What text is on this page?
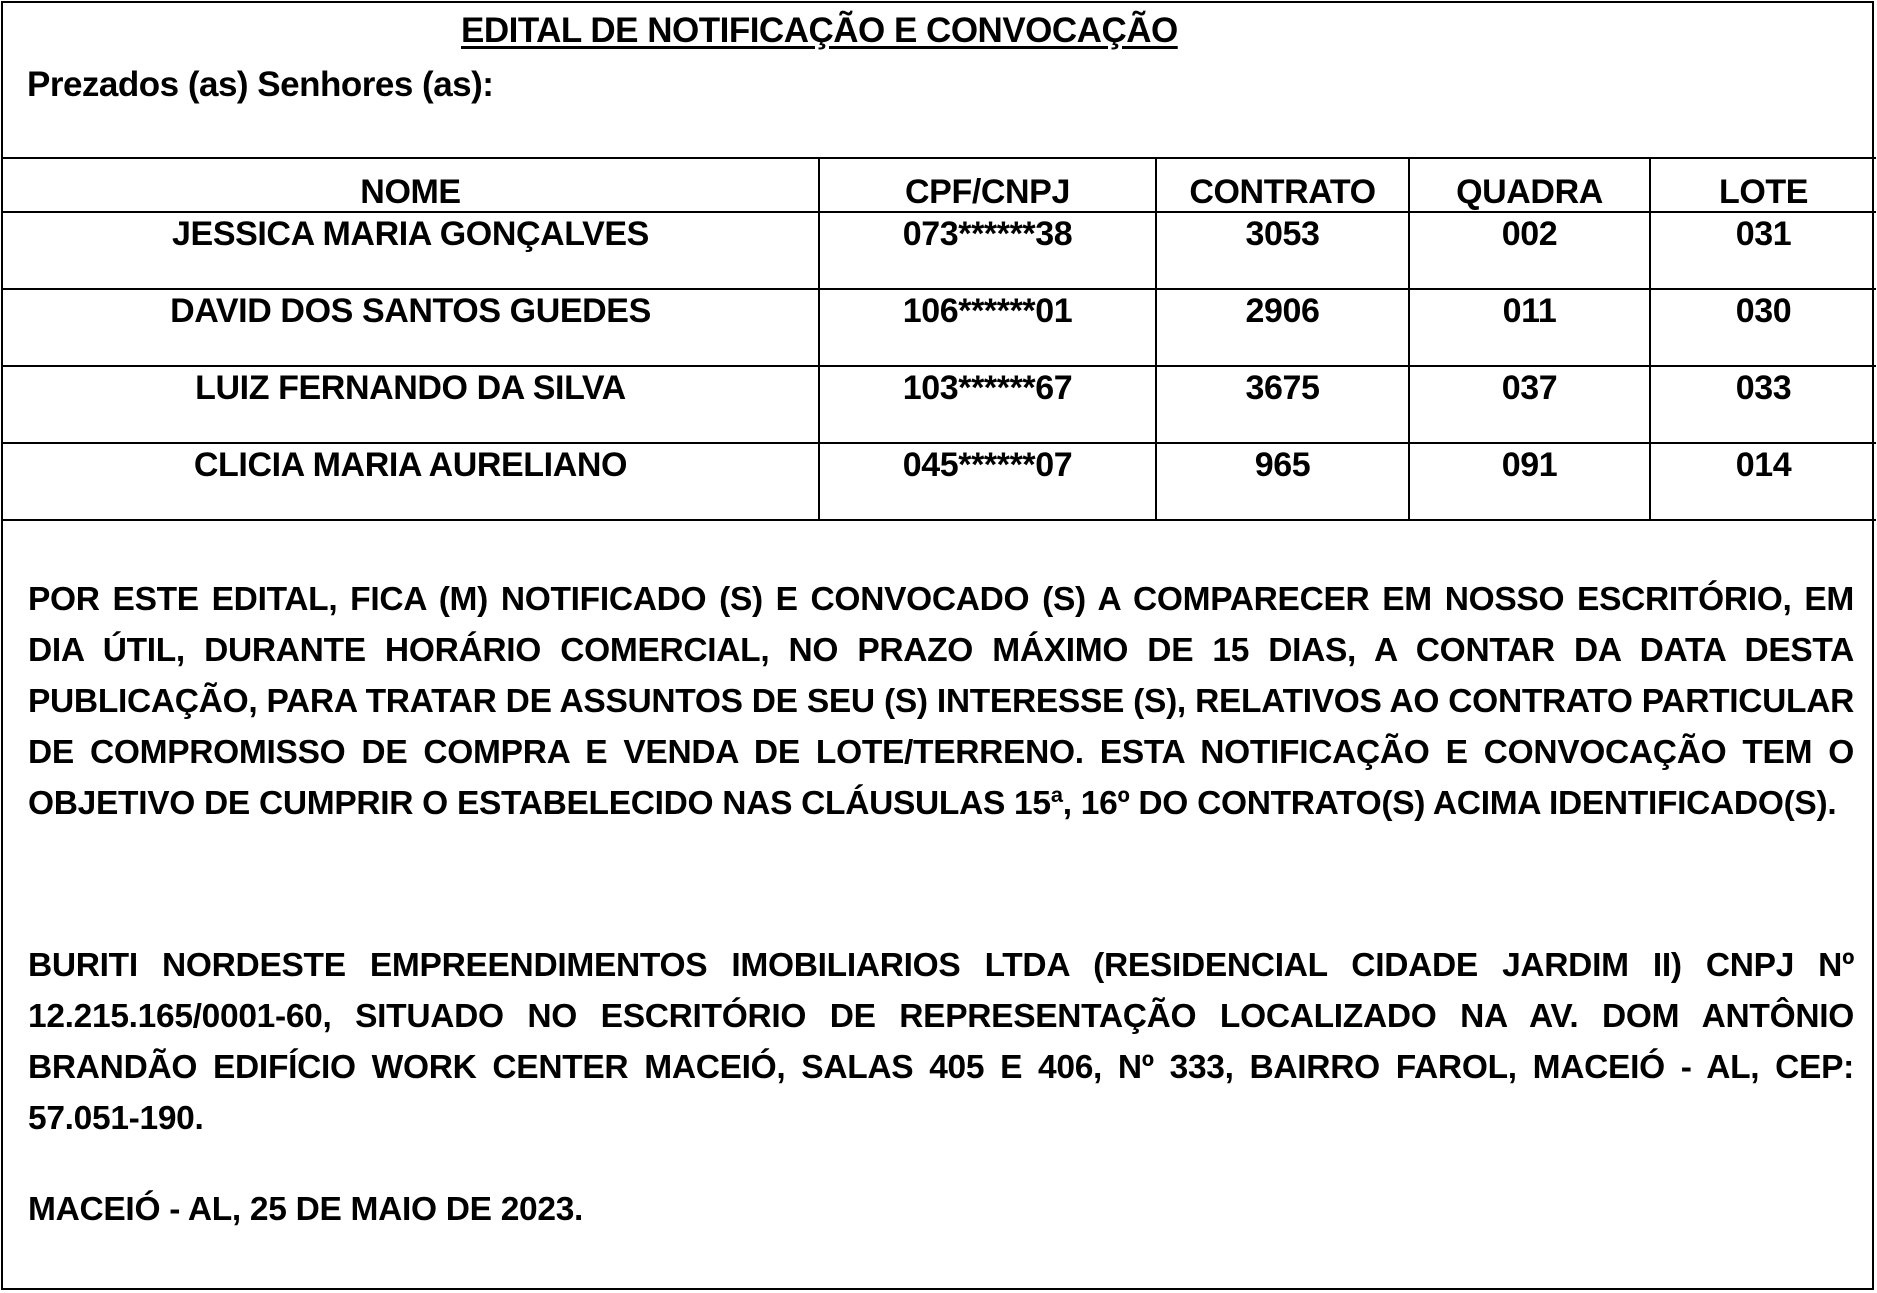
EDITAL DE NOTIFICAÇÃO E CONVOCAÇÃO
Prezados (as) Senhores (as):
NOME	CPF/CNPJ	CONTRATO	QUADRA	LOTE
JESSICA MARIA GONÇALVES	073******38	3053	002	031
DAVID DOS SANTOS GUEDES	106******01	2906	011	030
LUIZ FERNANDO DA SILVA	103******67	3675	037	033
CLICIA MARIA AURELIANO	045******07	965	091	014
POR ESTE EDITAL, FICA (M) NOTIFICADO (S) E CONVOCADO (S) A COMPARECER EM NOSSO ESCRITÓRIO, EM DIA ÚTIL, DURANTE HORÁRIO COMERCIAL, NO PRAZO MÁXIMO DE 15 DIAS, A CONTAR DA DATA DESTA PUBLICAÇÃO, PARA TRATAR DE ASSUNTOS DE SEU (S) INTERESSE (S), RELATIVOS AO CONTRATO PARTICULAR DE COMPROMISSO DE COMPRA E VENDA DE LOTE/TERRENO. ESTA NOTIFICAÇÃO E CONVOCAÇÃO TEM O OBJETIVO DE CUMPRIR O ESTABELECIDO NAS CLÁUSULAS 15ª, 16º DO CONTRATO(S) ACIMA IDENTIFICADO(S).
BURITI NORDESTE EMPREENDIMENTOS IMOBILIARIOS LTDA (RESIDENCIAL CIDADE JARDIM II) CNPJ Nº 12.215.165/0001-60, SITUADO NO ESCRITÓRIO DE REPRESENTAÇÃO LOCALIZADO NA AV. DOM ANTÔNIO BRANDÃO EDIFÍCIO WORK CENTER MACEIÓ, SALAS 405 E 406, Nº 333, BAIRRO FAROL, MACEIÓ - AL, CEP: 57.051-190.
MACEIÓ - AL, 25 DE MAIO DE 2023.
